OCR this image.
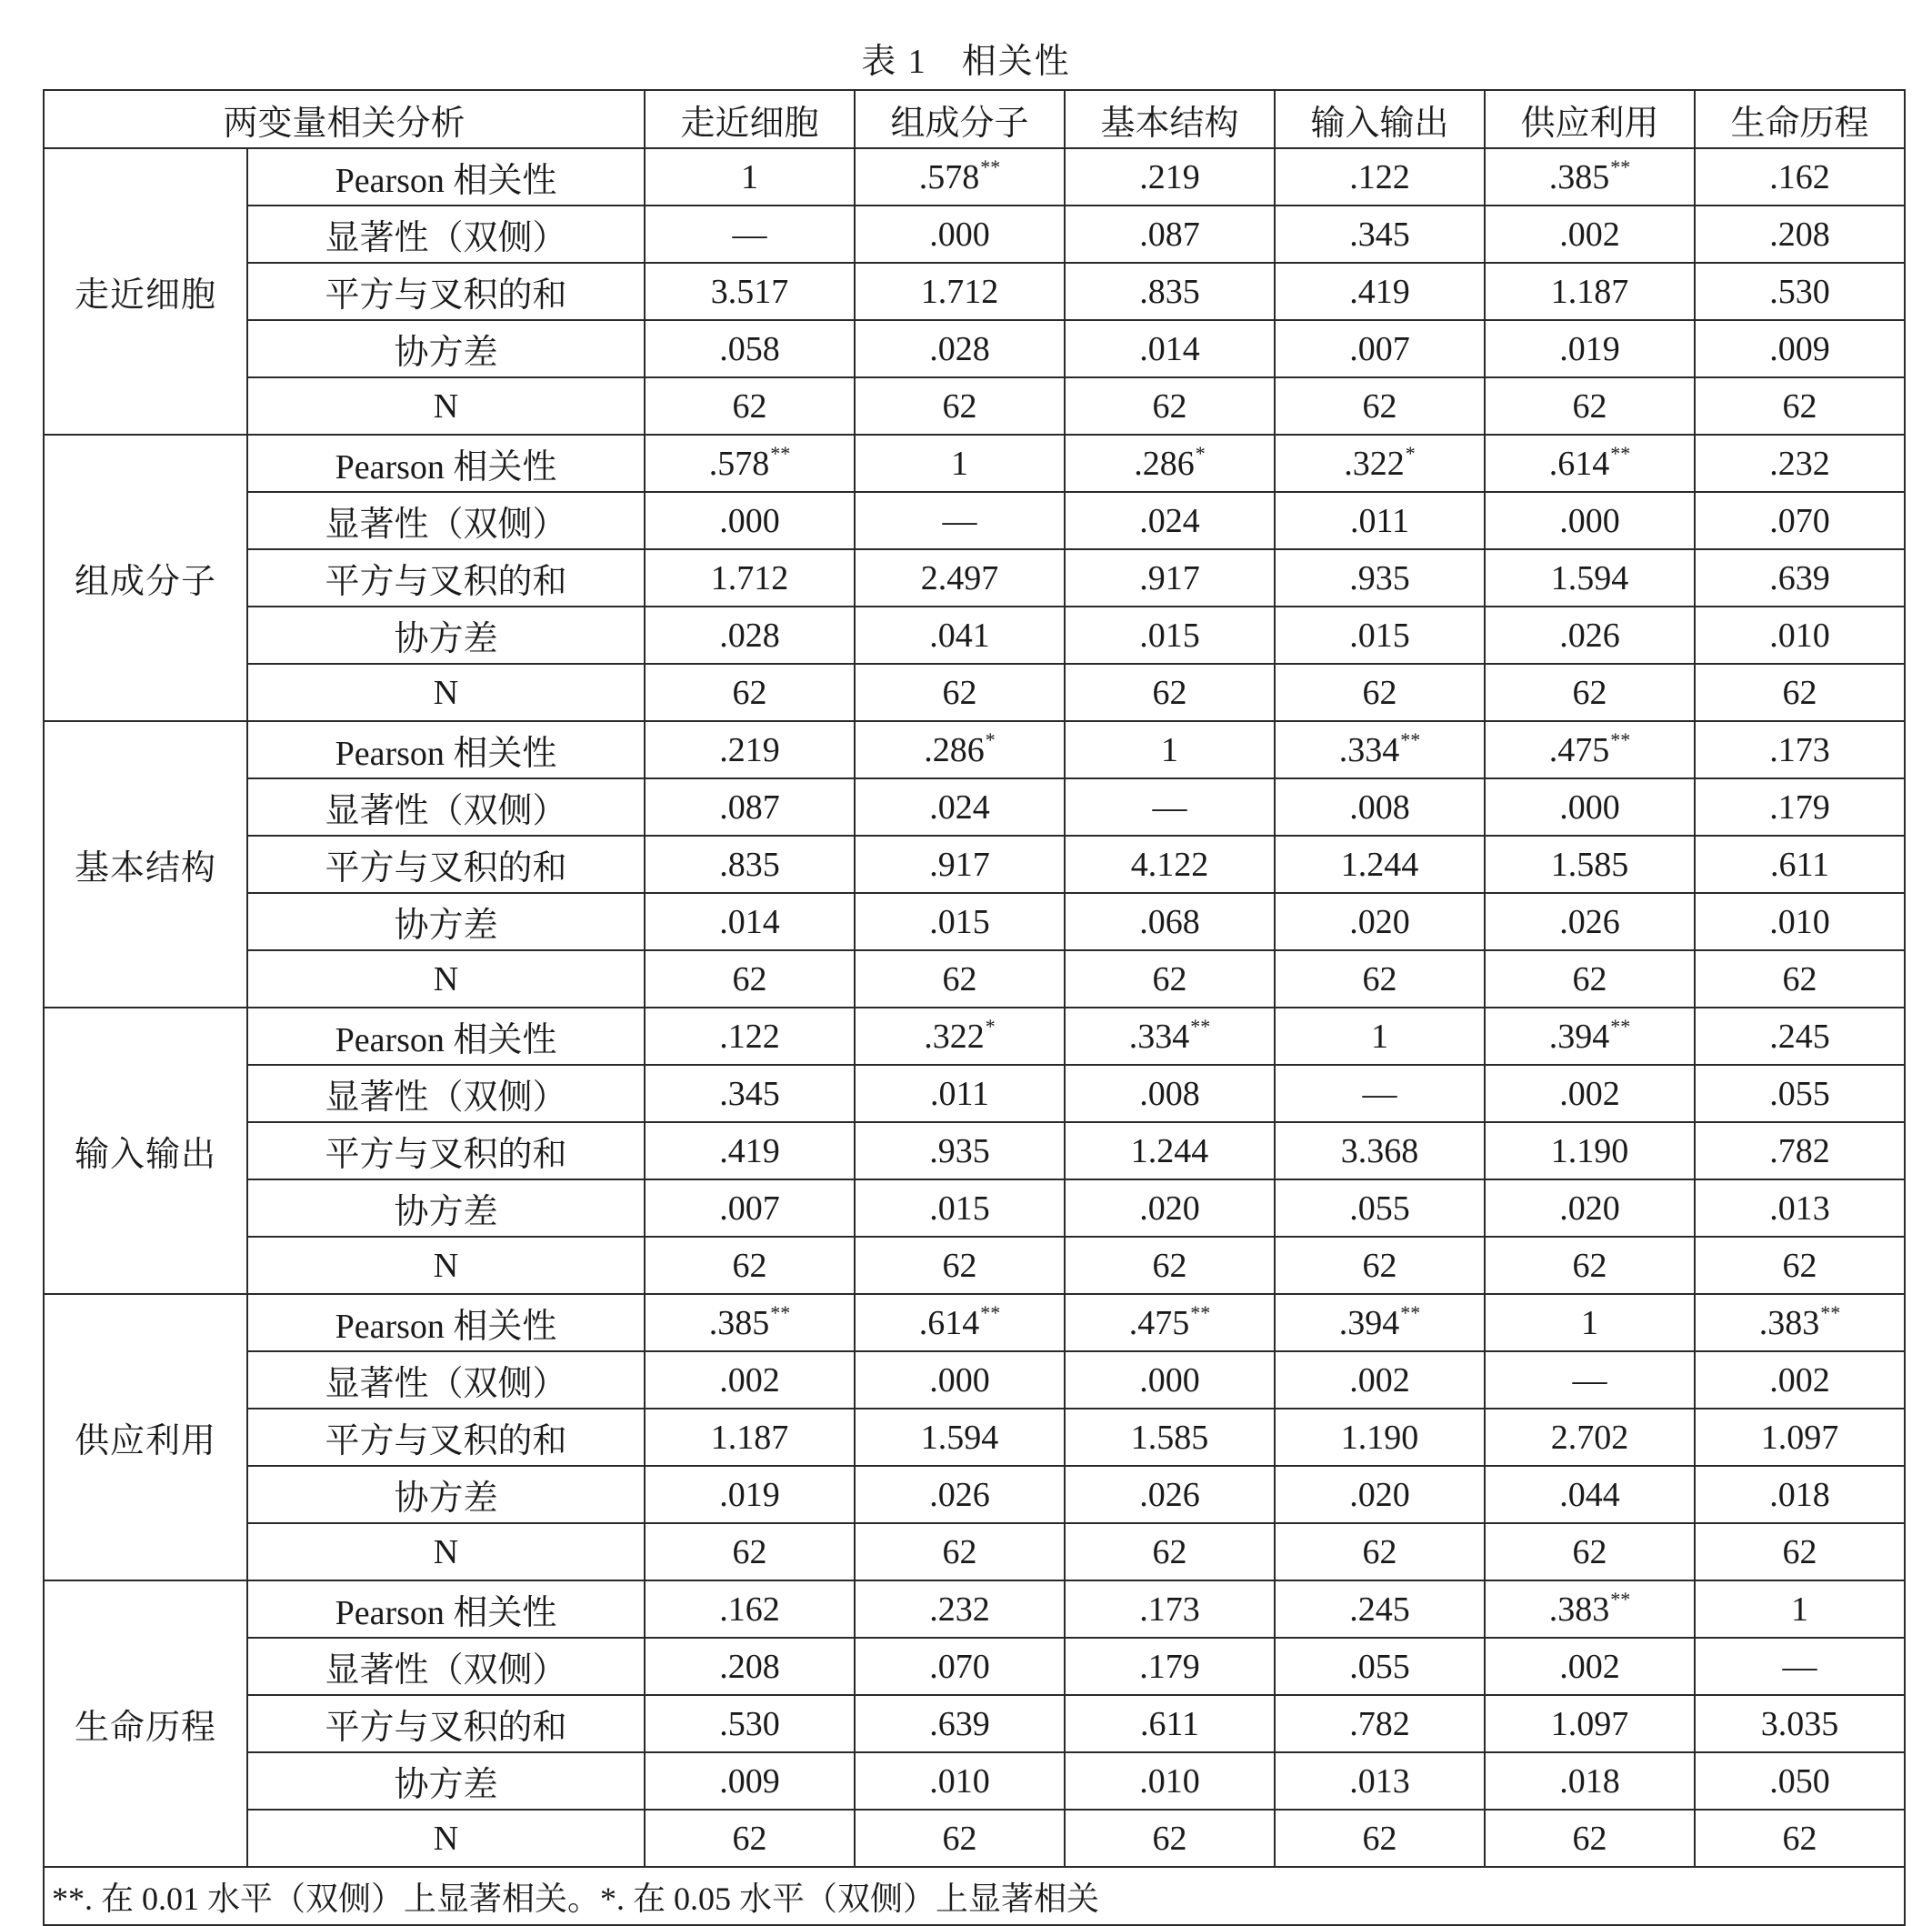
表 1 相关性
两变量相关分析		走近细胞	组成分子	基本结构	输入输出	供应利用	生命历程
走近细胞	Pearson 相关性	1	.578**	.219	.122	.385**	.162
	显著性（双侧）	—	.000	.087	.345	.002	.208
	平方与叉积的和	3.517	1.712	.835	.419	1.187	.530
	协方差	.058	.028	.014	.007	.019	.009
	N	62	62	62	62	62	62
组成分子	Pearson 相关性	.578**	1	.286*	.322*	.614**	.232
	显著性（双侧）	.000	—	.024	.011	.000	.070
	平方与叉积的和	1.712	2.497	.917	.935	1.594	.639
	协方差	.028	.041	.015	.015	.026	.010
	N	62	62	62	62	62	62
基本结构	Pearson 相关性	.219	.286*	1	.334**	.475**	.173
	显著性（双侧）	.087	.024	—	.008	.000	.179
	平方与叉积的和	.835	.917	4.122	1.244	1.585	.611
	协方差	.014	.015	.068	.020	.026	.010
	N	62	62	62	62	62	62
输入输出	Pearson 相关性	.122	.322*	.334**	1	.394**	.245
	显著性（双侧）	.345	.011	.008	—	.002	.055
	平方与叉积的和	.419	.935	1.244	3.368	1.190	.782
	协方差	.007	.015	.020	.055	.020	.013
	N	62	62	62	62	62	62
供应利用	Pearson 相关性	.385**	.614**	.475**	.394**	1	.383**
	显著性（双侧）	.002	.000	.000	.002	—	.002
	平方与叉积的和	1.187	1.594	1.585	1.190	2.702	1.097
	协方差	.019	.026	.026	.020	.044	.018
	N	62	62	62	62	62	62
生命历程	Pearson 相关性	.162	.232	.173	.245	.383**	1
	显著性（双侧）	.208	.070	.179	.055	.002	—
	平方与叉积的和	.530	.639	.611	.782	1.097	3.035
	协方差	.009	.010	.010	.013	.018	.050
	N	62	62	62	62	62	62
**. 在 0.01 水平（双侧）上显著相关。*. 在 0.05 水平（双侧）上显著相关							
